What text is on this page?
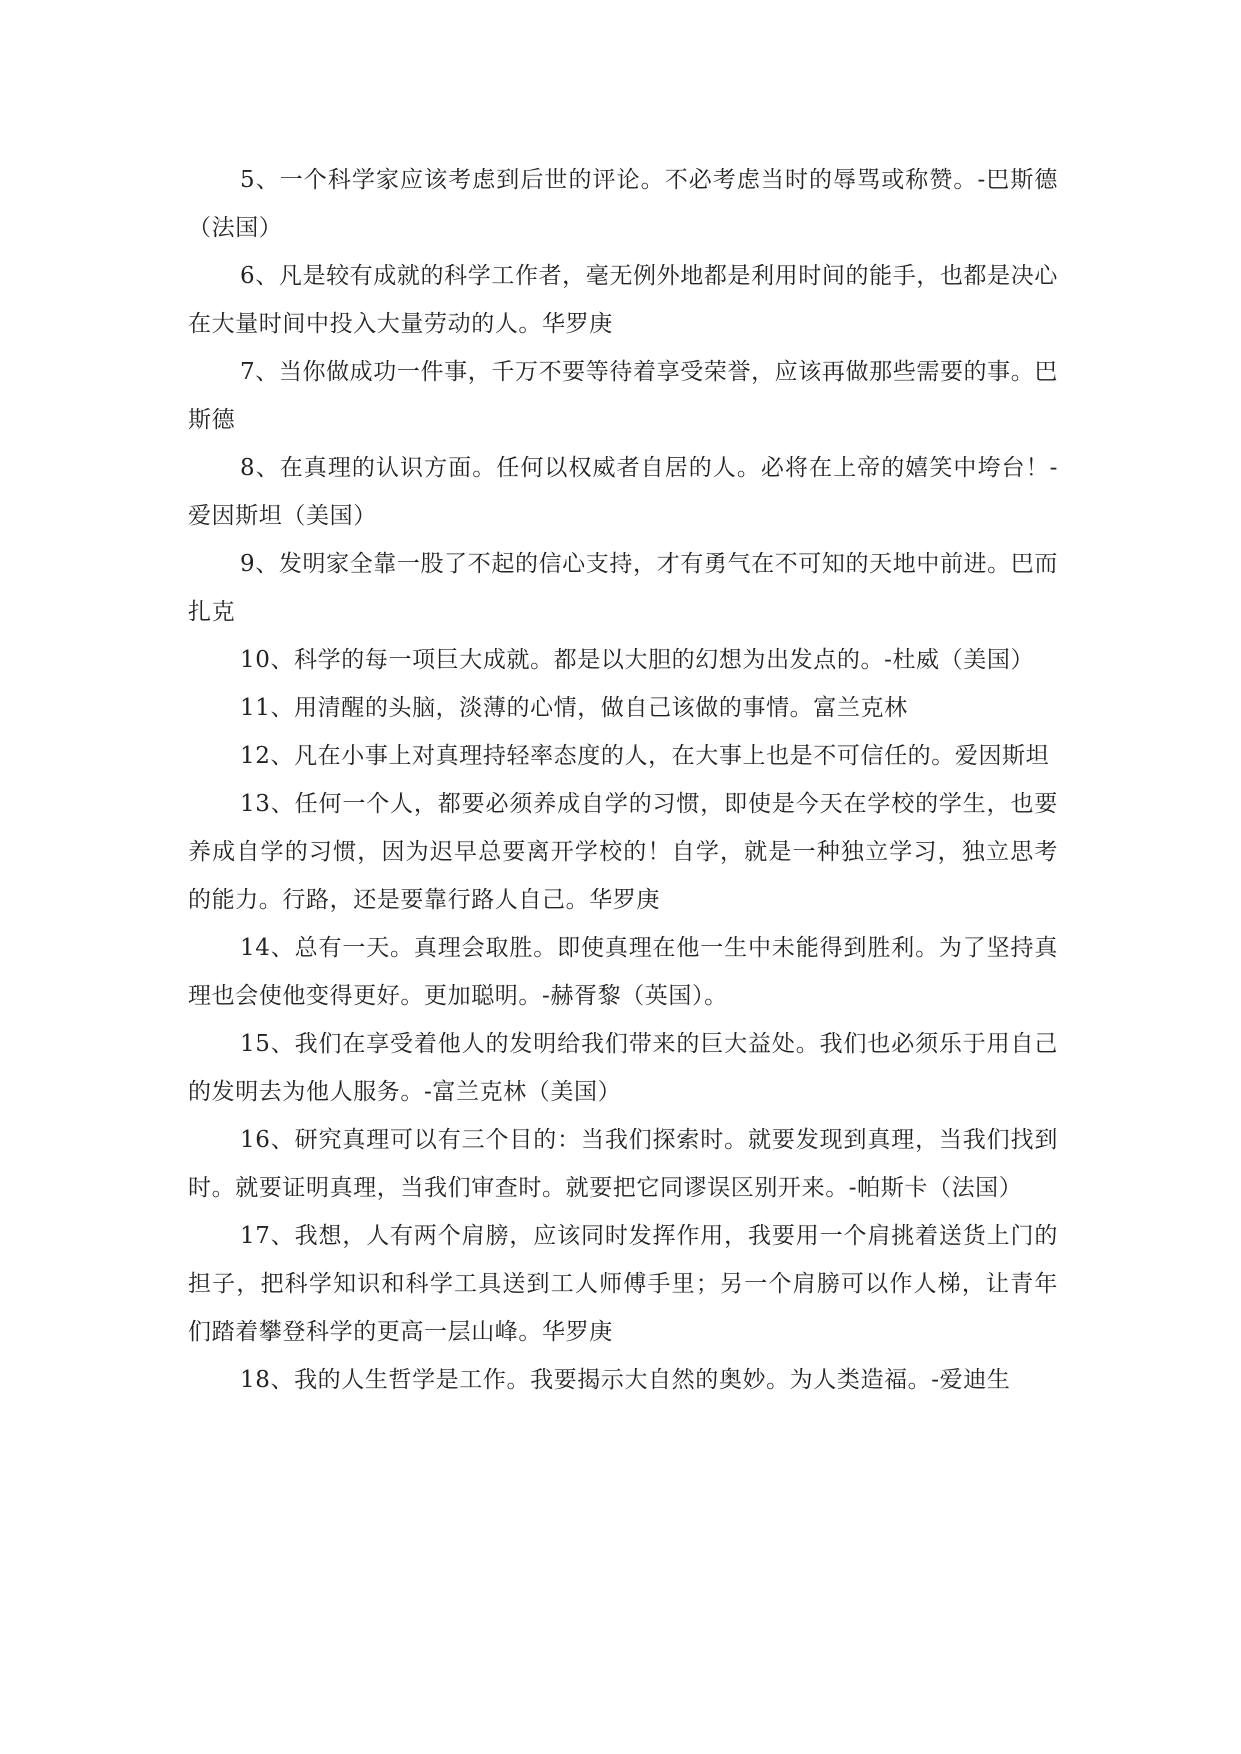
5、一个科学家应该考虑到后世的评论。不必考虑当时的辱骂或称赞。-巴斯德（法国）

6、凡是较有成就的科学工作者，毫无例外地都是利用时间的能手，也都是决心在大量时间中投入大量劳动的人。华罗庚

7、当你做成功一件事，千万不要等待着享受荣誉，应该再做那些需要的事。巴斯德

8、在真理的认识方面。任何以权威者自居的人。必将在上帝的嬉笑中垮台！-爱因斯坦（美国）

9、发明家全靠一股了不起的信心支持，才有勇气在不可知的天地中前进。巴而扎克

10、科学的每一项巨大成就。都是以大胆的幻想为出发点的。-杜威（美国）

11、用清醒的头脑，淡薄的心情，做自己该做的事情。富兰克林

12、凡在小事上对真理持轻率态度的人，在大事上也是不可信任的。爱因斯坦

13、任何一个人，都要必须养成自学的习惯，即使是今天在学校的学生，也要养成自学的习惯，因为迟早总要离开学校的！自学，就是一种独立学习，独立思考的能力。行路，还是要靠行路人自己。华罗庚

14、总有一天。真理会取胜。即使真理在他一生中未能得到胜利。为了坚持真理也会使他变得更好。更加聪明。-赫胥黎（英国）。

15、我们在享受着他人的发明给我们带来的巨大益处。我们也必须乐于用自己的发明去为他人服务。-富兰克林（美国）

16、研究真理可以有三个目的：当我们探索时。就要发现到真理，当我们找到时。就要证明真理，当我们审查时。就要把它同谬误区别开来。-帕斯卡（法国）

17、我想，人有两个肩膀，应该同时发挥作用，我要用一个肩挑着送货上门的担子，把科学知识和科学工具送到工人师傅手里；另一个肩膀可以作人梯，让青年们踏着攀登科学的更高一层山峰。华罗庚

18、我的人生哲学是工作。我要揭示大自然的奥妙。为人类造福。-爱迪生
